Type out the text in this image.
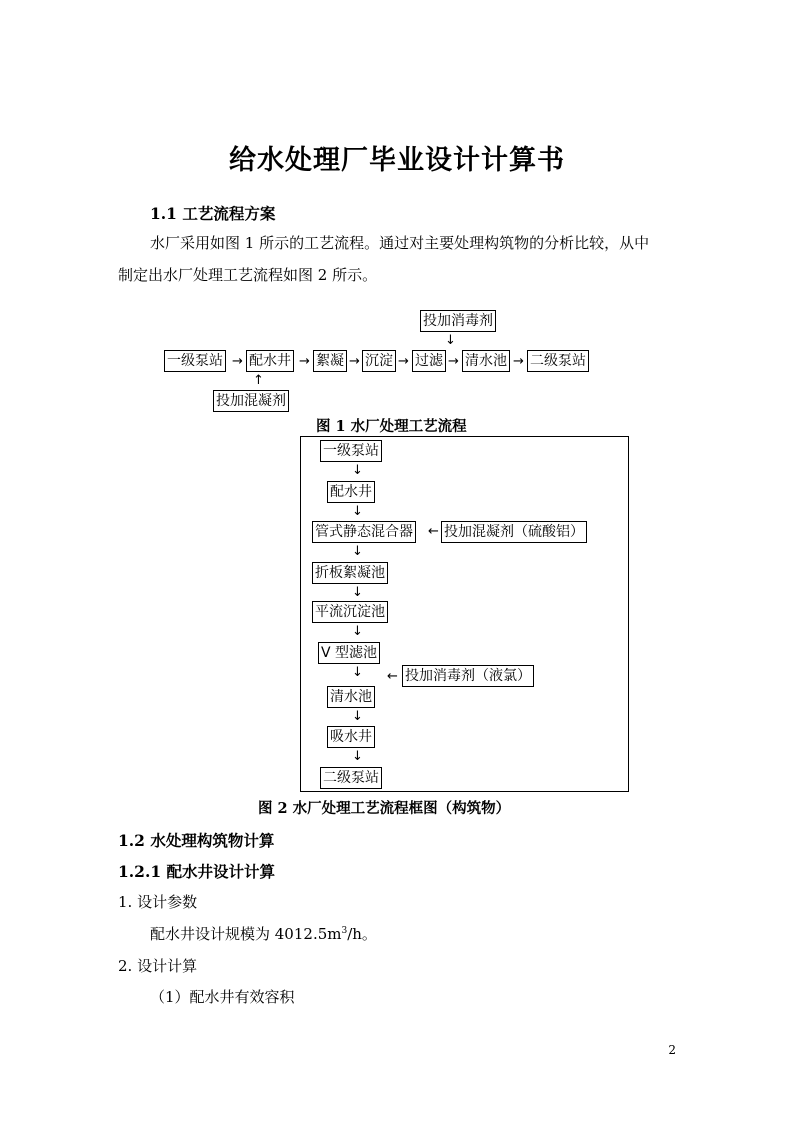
给水处理厂毕业设计计算书
1.1 工艺流程方案
水厂采用如图 1 所示的工艺流程。通过对主要处理构筑物的分析比较，从中
制定出水厂处理工艺流程如图 2 所示。
投加消毒剂
↓
一级泵站 → 配水井 → 絮凝 → 沉淀 → 过滤 → 清水池 → 二级泵站
↑
投加混凝剂
图 1 水厂处理工艺流程
一级泵站
↓
配水井
↓
管式静态混合器 ← 投加混凝剂（硫酸铝）
↓
折板絮凝池
↓
平流沉淀池
↓
V 型滤池
← 投加消毒剂（液氯）
↓
清水池
↓
吸水井
↓
二级泵站
图 2 水厂处理工艺流程框图（构筑物）
1.2 水处理构筑物计算
1.2.1 配水井设计计算
1. 设计参数
配水井设计规模为 $4012.5m^3/h$。
2. 设计计算
（1）配水井有效容积
2
